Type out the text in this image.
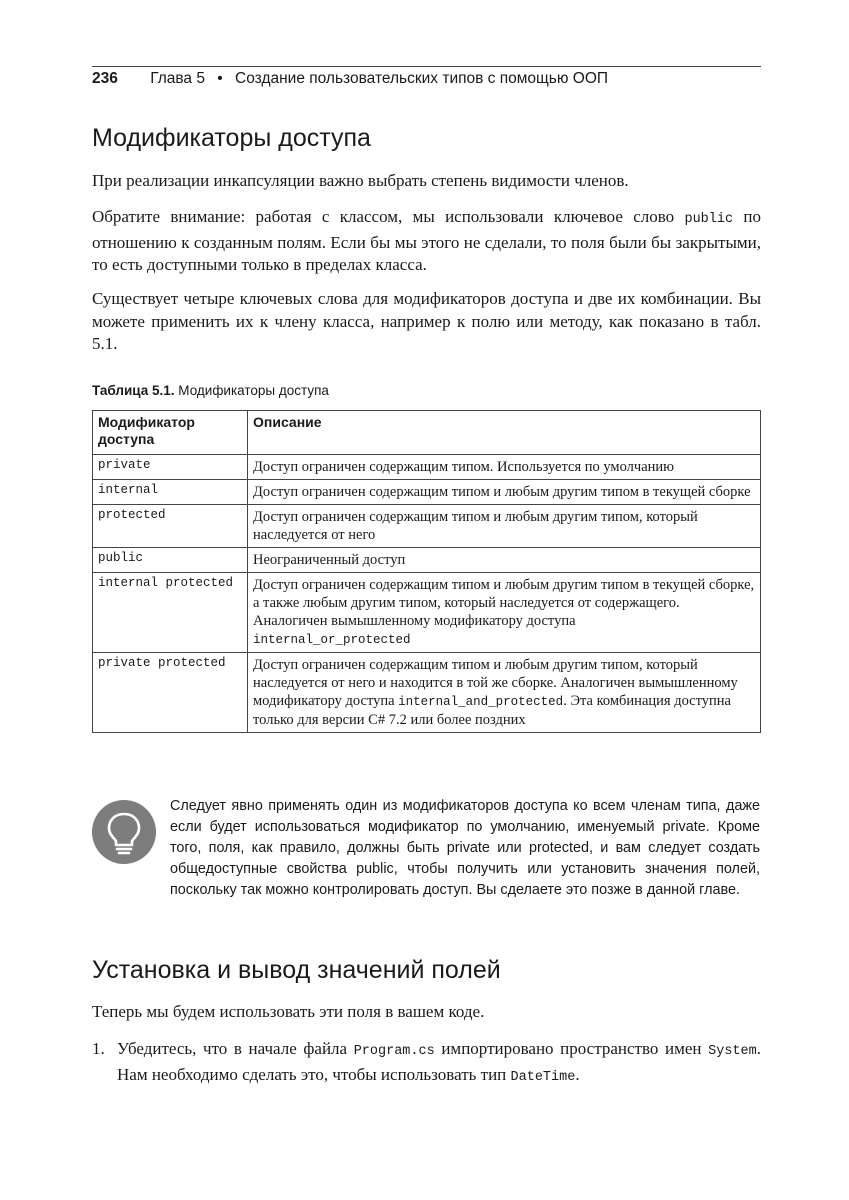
236 Глава 5 • Создание пользовательских типов с помощью ООП
Модификаторы доступа

При реализации инкапсуляции важно выбрать степень видимости членов.

Обратите внимание: работая с классом, мы использовали ключевое слово public по отношению к созданным полям. Если бы мы этого не сделали, то поля были бы закрытыми, то есть доступными только в пределах класса.

Существует четыре ключевых слова для модификаторов доступа и две их комбинации. Вы можете применить их к члену класса, например к полю или методу, как показано в табл. 5.1.

Таблица 5.1. Модификаторы доступа
Модификатор доступа	Описание
private	Доступ ограничен содержащим типом. Используется по умолчанию
internal	Доступ ограничен содержащим типом и любым другим типом в текущей сборке
protected	Доступ ограничен содержащим типом и любым другим типом, который наследуется от него
public	Неограниченный доступ
internal protected	Доступ ограничен содержащим типом и любым другим типом в текущей сборке, а также любым другим типом, который наследуется от содержащего. Аналогичен вымышленному модификатору доступа
internal_or_protected
private protected	Доступ ограничен содержащим типом и любым другим типом, который наследуется от него и находится в той же сборке. Аналогичен вымышленному модификатору доступа internal_and_protected. Эта комбинация доступна только для версии C# 7.2 или более поздних

Следует явно применять один из модификаторов доступа ко всем членам типа, даже если будет использоваться модификатор по умолчанию, именуемый private. Кроме того, поля, как правило, должны быть private или protected, и вам следует создать общедоступные свойства public, чтобы получить или установить значения полей, поскольку так можно контролировать доступ. Вы сделаете это позже в данной главе.

Установка и вывод значений полей

Теперь мы будем использовать эти поля в вашем коде.

1. Убедитесь, что в начале файла Program.cs импортировано пространство имен System. Нам необходимо сделать это, чтобы использовать тип DateTime.
